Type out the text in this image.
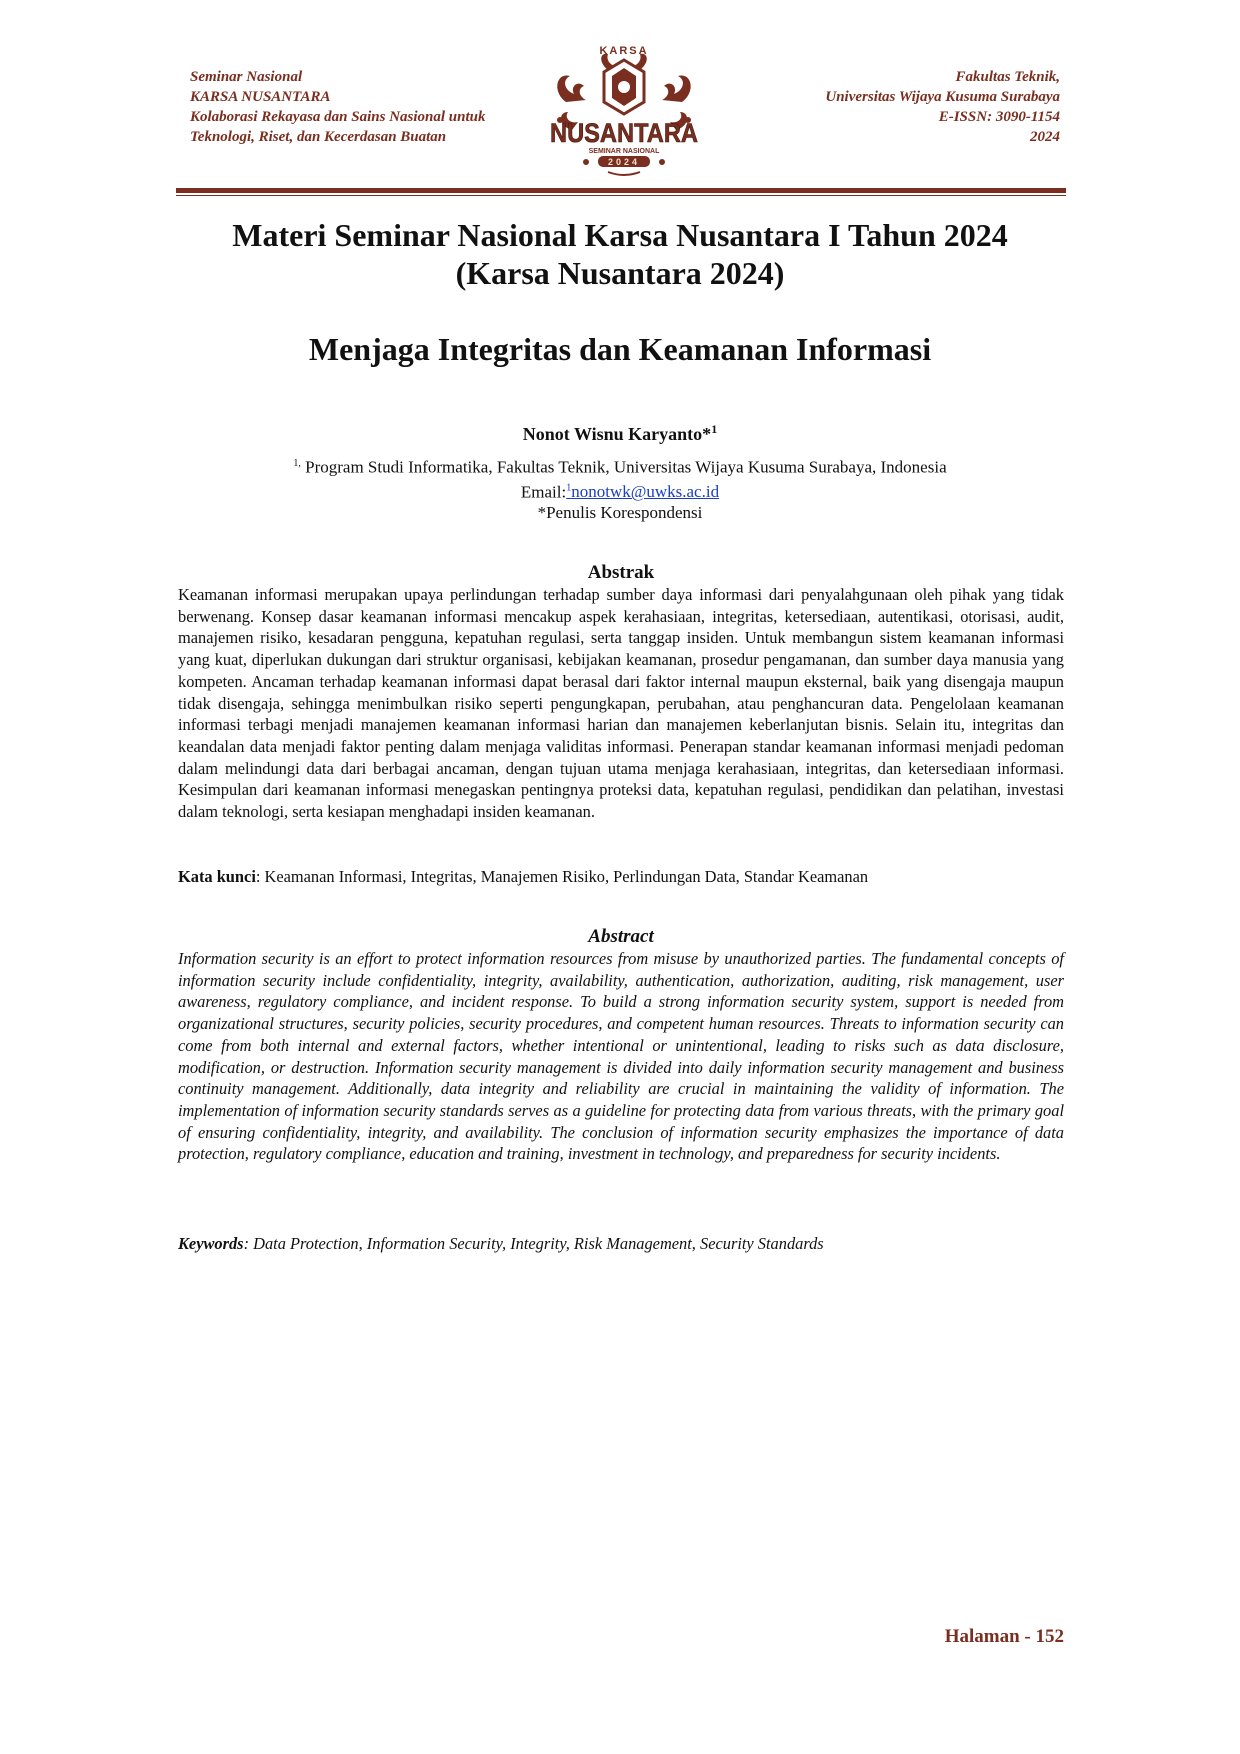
Seminar Nasional
KARSA NUSANTARA
Kolaborasi Rekayasa dan Sains Nasional untuk
Teknologi, Riset, dan Kecerdasan Buatan
KARSA
NUSANTARA
SEMINAR NASIONAL
2024
Fakultas Teknik,
Universitas Wijaya Kusuma Surabaya
E-ISSN: 3090-1154
2024
Materi Seminar Nasional Karsa Nusantara I Tahun 2024
(Karsa Nusantara 2024)
Menjaga Integritas dan Keamanan Informasi
Nonot Wisnu Karyanto*$^1$
$^{1,}$ Program Studi Informatika, Fakultas Teknik, Universitas Wijaya Kusuma Surabaya, Indonesia
Email:$^1$nonotwk@uwks.ac.id
*Penulis Korespondensi
Abstrak

Keamanan informasi merupakan upaya perlindungan terhadap sumber daya informasi dari penyalahgunaan oleh pihak yang tidak berwenang. Konsep dasar keamanan informasi mencakup aspek kerahasiaan, integritas, ketersediaan, autentikasi, otorisasi, audit, manajemen risiko, kesadaran pengguna, kepatuhan regulasi, serta tanggap insiden. Untuk membangun sistem keamanan informasi yang kuat, diperlukan dukungan dari struktur organisasi, kebijakan keamanan, prosedur pengamanan, dan sumber daya manusia yang kompeten. Ancaman terhadap keamanan informasi dapat berasal dari faktor internal maupun eksternal, baik yang disengaja maupun tidak disengaja, sehingga menimbulkan risiko seperti pengungkapan, perubahan, atau penghancuran data. Pengelolaan keamanan informasi terbagi menjadi manajemen keamanan informasi harian dan manajemen keberlanjutan bisnis. Selain itu, integritas dan keandalan data menjadi faktor penting dalam menjaga validitas informasi. Penerapan standar keamanan informasi menjadi pedoman dalam melindungi data dari berbagai ancaman, dengan tujuan utama menjaga kerahasiaan, integritas, dan ketersediaan informasi. Kesimpulan dari keamanan informasi menegaskan pentingnya proteksi data, kepatuhan regulasi, pendidikan dan pelatihan, investasi dalam teknologi, serta kesiapan menghadapi insiden keamanan.

Kata kunci: Keamanan Informasi, Integritas, Manajemen Risiko, Perlindungan Data, Standar Keamanan
Abstract

Information security is an effort to protect information resources from misuse by unauthorized parties. The fundamental concepts of information security include confidentiality, integrity, availability, authentication, authorization, auditing, risk management, user awareness, regulatory compliance, and incident response. To build a strong information security system, support is needed from organizational structures, security policies, security procedures, and competent human resources. Threats to information security can come from both internal and external factors, whether intentional or unintentional, leading to risks such as data disclosure, modification, or destruction. Information security management is divided into daily information security management and business continuity management. Additionally, data integrity and reliability are crucial in maintaining the validity of information. The implementation of information security standards serves as a guideline for protecting data from various threats, with the primary goal of ensuring confidentiality, integrity, and availability. The conclusion of information security emphasizes the importance of data protection, regulatory compliance, education and training, investment in technology, and preparedness for security incidents.

Keywords: Data Protection, Information Security, Integrity, Risk Management, Security Standards
Halaman - 152
